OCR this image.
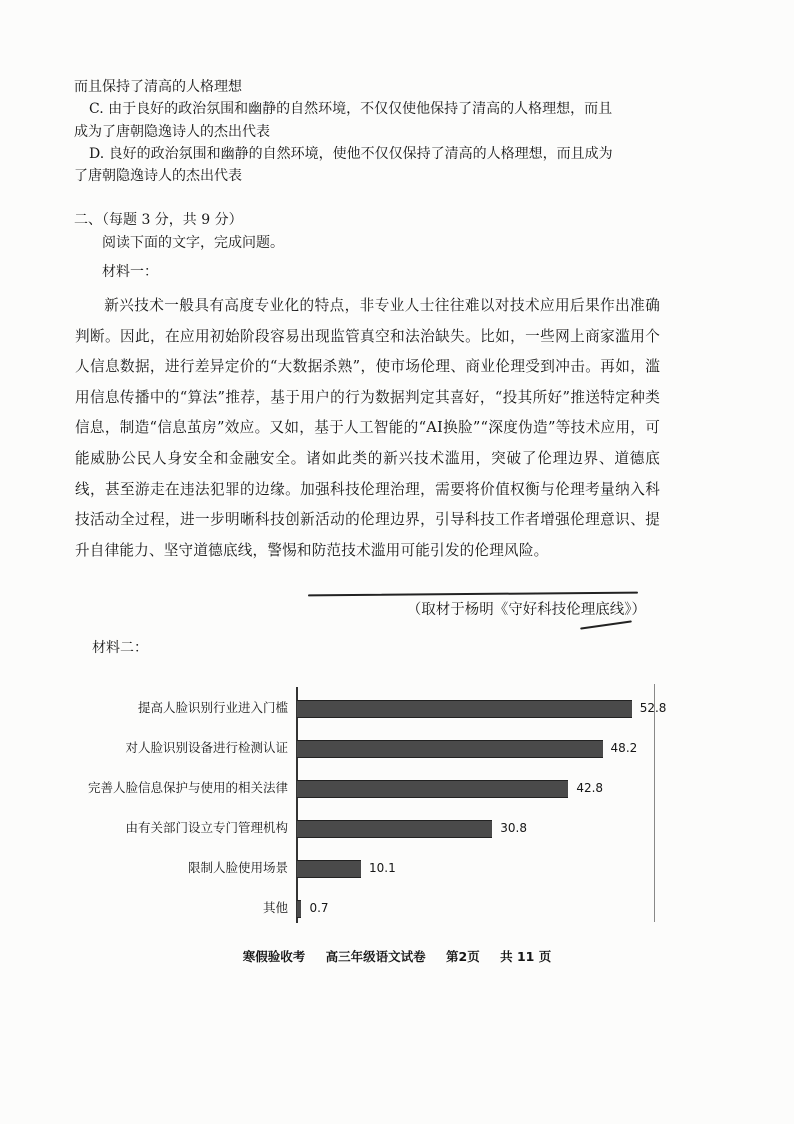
而且保持了清高的人格理想
C. 由于良好的政治氛围和幽静的自然环境，不仅仅使他保持了清高的人格理想，而且
成为了唐朝隐逸诗人的杰出代表
D. 良好的政治氛围和幽静的自然环境，使他不仅仅保持了清高的人格理想，而且成为
了唐朝隐逸诗人的杰出代表
二、（每题 3 分，共 9 分）
阅读下面的文字，完成问题。
材料一：
新兴技术一般具有高度专业化的特点，非专业人士往往难以对技术应用后果作出准确判断。因此，在应用初始阶段容易出现监管真空和法治缺失。比如，一些网上商家滥用个人信息数据，进行差异定价的“大数据杀熟”，使市场伦理、商业伦理受到冲击。再如，滥用信息传播中的“算法”推荐，基于用户的行为数据判定其喜好，“投其所好”推送特定种类信息，制造“信息茧房”效应。又如，基于人工智能的“AI换脸”“深度伪造”等技术应用，可能威胁公民人身安全和金融安全。诸如此类的新兴技术滥用，突破了伦理边界、道德底线，甚至游走在违法犯罪的边缘。加强科技伦理治理，需要将价值权衡与伦理考量纳入科技活动全过程，进一步明晰科技创新活动的伦理边界，引导科技工作者增强伦理意识、提升自律能力、坚守道德底线，警惕和防范技术滥用可能引发的伦理风险。
（取材于杨明《守好科技伦理底线》）
材料二：
提高人脸识别行业进入门槛	52.8
对人脸识别设备进行检测认证	48.2
完善人脸信息保护与使用的相关法律	42.8
由有关部门设立专门管理机构	30.8
限制人脸使用场景	10.1
其他 0.7
寒假验收考 高三年级语文试卷 第2页 共 11 页
